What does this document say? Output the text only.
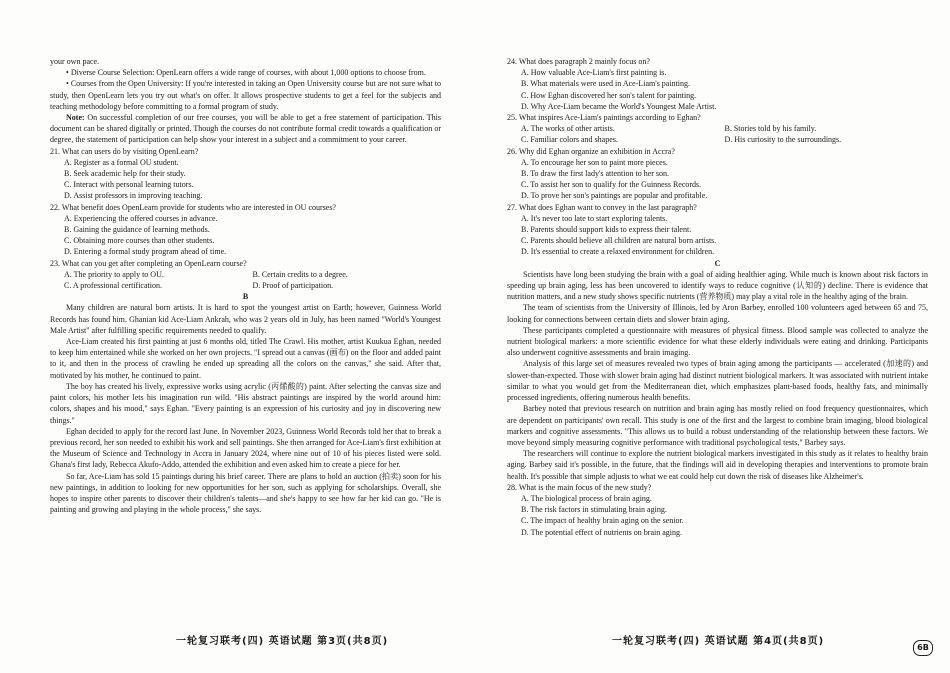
your own pace.

• Diverse Course Selection: OpenLearn offers a wide range of courses, with about 1,000 options to choose from.

• Courses from the Open University: If you're interested in taking an Open University course but are not sure what to study, then OpenLearn lets you try out what's on offer. It allows prospective students to get a feel for the subjects and teaching methodology before committing to a formal program of study.

Note: On successful completion of our free courses, you will be able to get a free statement of participation. This document can be shared digitally or printed. Though the courses do not contribute formal credit towards a qualification or degree, the statement of participation can help show your interest in a subject and a commitment to your career.

21. What can users do by visiting OpenLearn?

A. Register as a formal OU student.

B. Seek academic help for their study.

C. Interact with personal learning tutors.

D. Assist professors in improving teaching.

22. What benefit does OpenLearn provide for students who are interested in OU courses?

A. Experiencing the offered courses in advance.

B. Gaining the guidance of learning methods.

C. Obtaining more courses than other students.

D. Entering a formal study program ahead of time.

23. What can you get after completing an OpenLearn course?

A. The priority to apply to OU.	B. Certain credits to a degree.
C. A professional certification.	D. Proof of participation.

B

Many children are natural born artists. It is hard to spot the youngest artist on Earth; however, Guinness World Records has found him. Ghanian kid Ace-Liam Ankrah, who was 2 years old in July, has been named "World's Youngest Male Artist" after fulfilling specific requirements needed to qualify.

Ace-Liam created his first painting at just 6 months old, titled The Crawl. His mother, artist Kuukua Eghan, needed to keep him entertained while she worked on her own projects. "I spread out a canvas (画布) on the floor and added paint to it, and then in the process of crawling he ended up spreading all the colors on the canvas," she said. After that, motivated by his mother, he continued to paint.

The boy has created his lively, expressive works using acrylic (丙烯酸的) paint. After selecting the canvas size and paint colors, his mother lets his imagination run wild. "His abstract paintings are inspired by the world around him: colors, shapes and his mood," says Eghan. "Every painting is an expression of his curiosity and joy in discovering new things."

Eghan decided to apply for the record last June. In November 2023, Guinness World Records told her that to break a previous record, her son needed to exhibit his work and sell paintings. She then arranged for Ace-Liam's first exhibition at the Museum of Science and Technology in Accra in January 2024, where nine out of 10 of his pieces listed were sold. Ghana's first lady, Rebecca Akufo-Addo, attended the exhibition and even asked him to create a piece for her.

So far, Ace-Liam has sold 15 paintings during his brief career. There are plans to hold an auction (拍卖) soon for his new paintings, in addition to looking for new opportunities for her son, such as applying for scholarships. Overall, she hopes to inspire other parents to discover their children's talents—and she's happy to see how far her kid can go. "He is painting and growing and playing in the whole process," she says.

24. What does paragraph 2 mainly focus on?

A. How valuable Ace-Liam's first painting is.

B. What materials were used in Ace-Liam's painting.

C. How Eghan discovered her son's talent for painting.

D. Why Ace-Liam became the World's Youngest Male Artist.

25. What inspires Ace-Liam's paintings according to Eghan?

A. The works of other artists.	B. Stories told by his family.
C. Familiar colors and shapes.	D. His curiosity to the surroundings.

26. Why did Eghan organize an exhibition in Accra?

A. To encourage her son to paint more pieces.

B. To draw the first lady's attention to her son.

C. To assist her son to qualify for the Guinness Records.

D. To prove her son's paintings are popular and profitable.

27. What does Eghan want to convey in the last paragraph?

A. It's never too late to start exploring talents.

B. Parents should support kids to express their talent.

C. Parents should believe all children are natural born artists.

D. It's essential to create a relaxed environment for children.

C

Scientists have long been studying the brain with a goal of aiding healthier aging. While much is known about risk factors in speeding up brain aging, less has been uncovered to identify ways to reduce cognitive (认知的) decline. There is evidence that nutrition matters, and a new study shows specific nutrients (营养物质) may play a vital role in the healthy aging of the brain.

The team of scientists from the University of Illinois, led by Aron Barbey, enrolled 100 volunteers aged between 65 and 75, looking for connections between certain diets and slower brain aging.

These participants completed a questionnaire with measures of physical fitness. Blood sample was collected to analyze the nutrient biological markers: a more scientific evidence for what these elderly individuals were eating and drinking. Participants also underwent cognitive assessments and brain imaging.

Analysis of this large set of measures revealed two types of brain aging among the participants — accelerated (加速的) and slower-than-expected. Those with slower brain aging had distinct nutrient biological markers. It was associated with nutrient intake similar to what you would get from the Mediterranean diet, which emphasizes plant-based foods, healthy fats, and minimally processed ingredients, offering numerous health benefits.

Barbey noted that previous research on nutrition and brain aging has mostly relied on food frequency questionnaires, which are dependent on participants' own recall. This study is one of the first and the largest to combine brain imaging, blood biological markers and cognitive assessments. "This allows us to build a robust understanding of the relationship between these factors. We move beyond simply measuring cognitive performance with traditional psychological tests," Barbey says.

The researchers will continue to explore the nutrient biological markers investigated in this study as it relates to healthy brain aging. Barbey said it's possible, in the future, that the findings will aid in developing therapies and interventions to promote brain health. It's possible that simple adjusts to what we eat could help cut down the risk of diseases like Alzheimer's.

28. What is the main focus of the new study?

A. The biological process of brain aging.

B. The risk factors in stimulating brain aging.

C. The impact of healthy brain aging on the senior.

D. The potential effect of nutrients on brain aging.

一轮复习联考(四) 英语试题 第3页(共8页)	一轮复习联考(四) 英语试题 第4页(共8页)
6B
